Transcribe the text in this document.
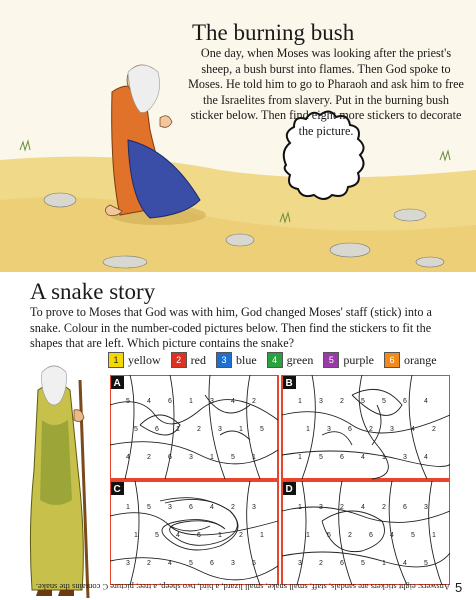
The burning bush

One day, when Moses was looking after the priest's sheep, a bush burst into flames. Then God spoke to Moses. He told him to go to Pharaoh and ask him to free the Israelites from slavery. Put in the burning bush sticker below. Then find eight more stickers to decorate the picture.

A snake story

To prove to Moses that God was with him, God changed Moses' staff (stick) into a snake. Colour in the number-coded pictures below. Then find the stickers to fit the shapes that are left. Which picture contains the snake?

1 yellow	2 red	3 blue	4 green	5 purple	6 orange
A
5 4 6 1 3 4 2
5 6 1 2 3 1 5
4 2 6 3 1 5 1
B
1 3 2 5 5 6 4
1 3 6 2 3 4 2
1 5 6 4 1 3 4
C
1 5 3 6 4 2 3
1 5 4 6 1 2 1
3 2 4 5 6 3 5
D
1 3 2 4 2 6 3
1 5 2 6 4 5 1
3 2 6 5 1 4 5
Answers: eight stickers are sandals, staff, small snake, small lizard, a bird, two sheep, a tree; picture C contains the snake. 5
